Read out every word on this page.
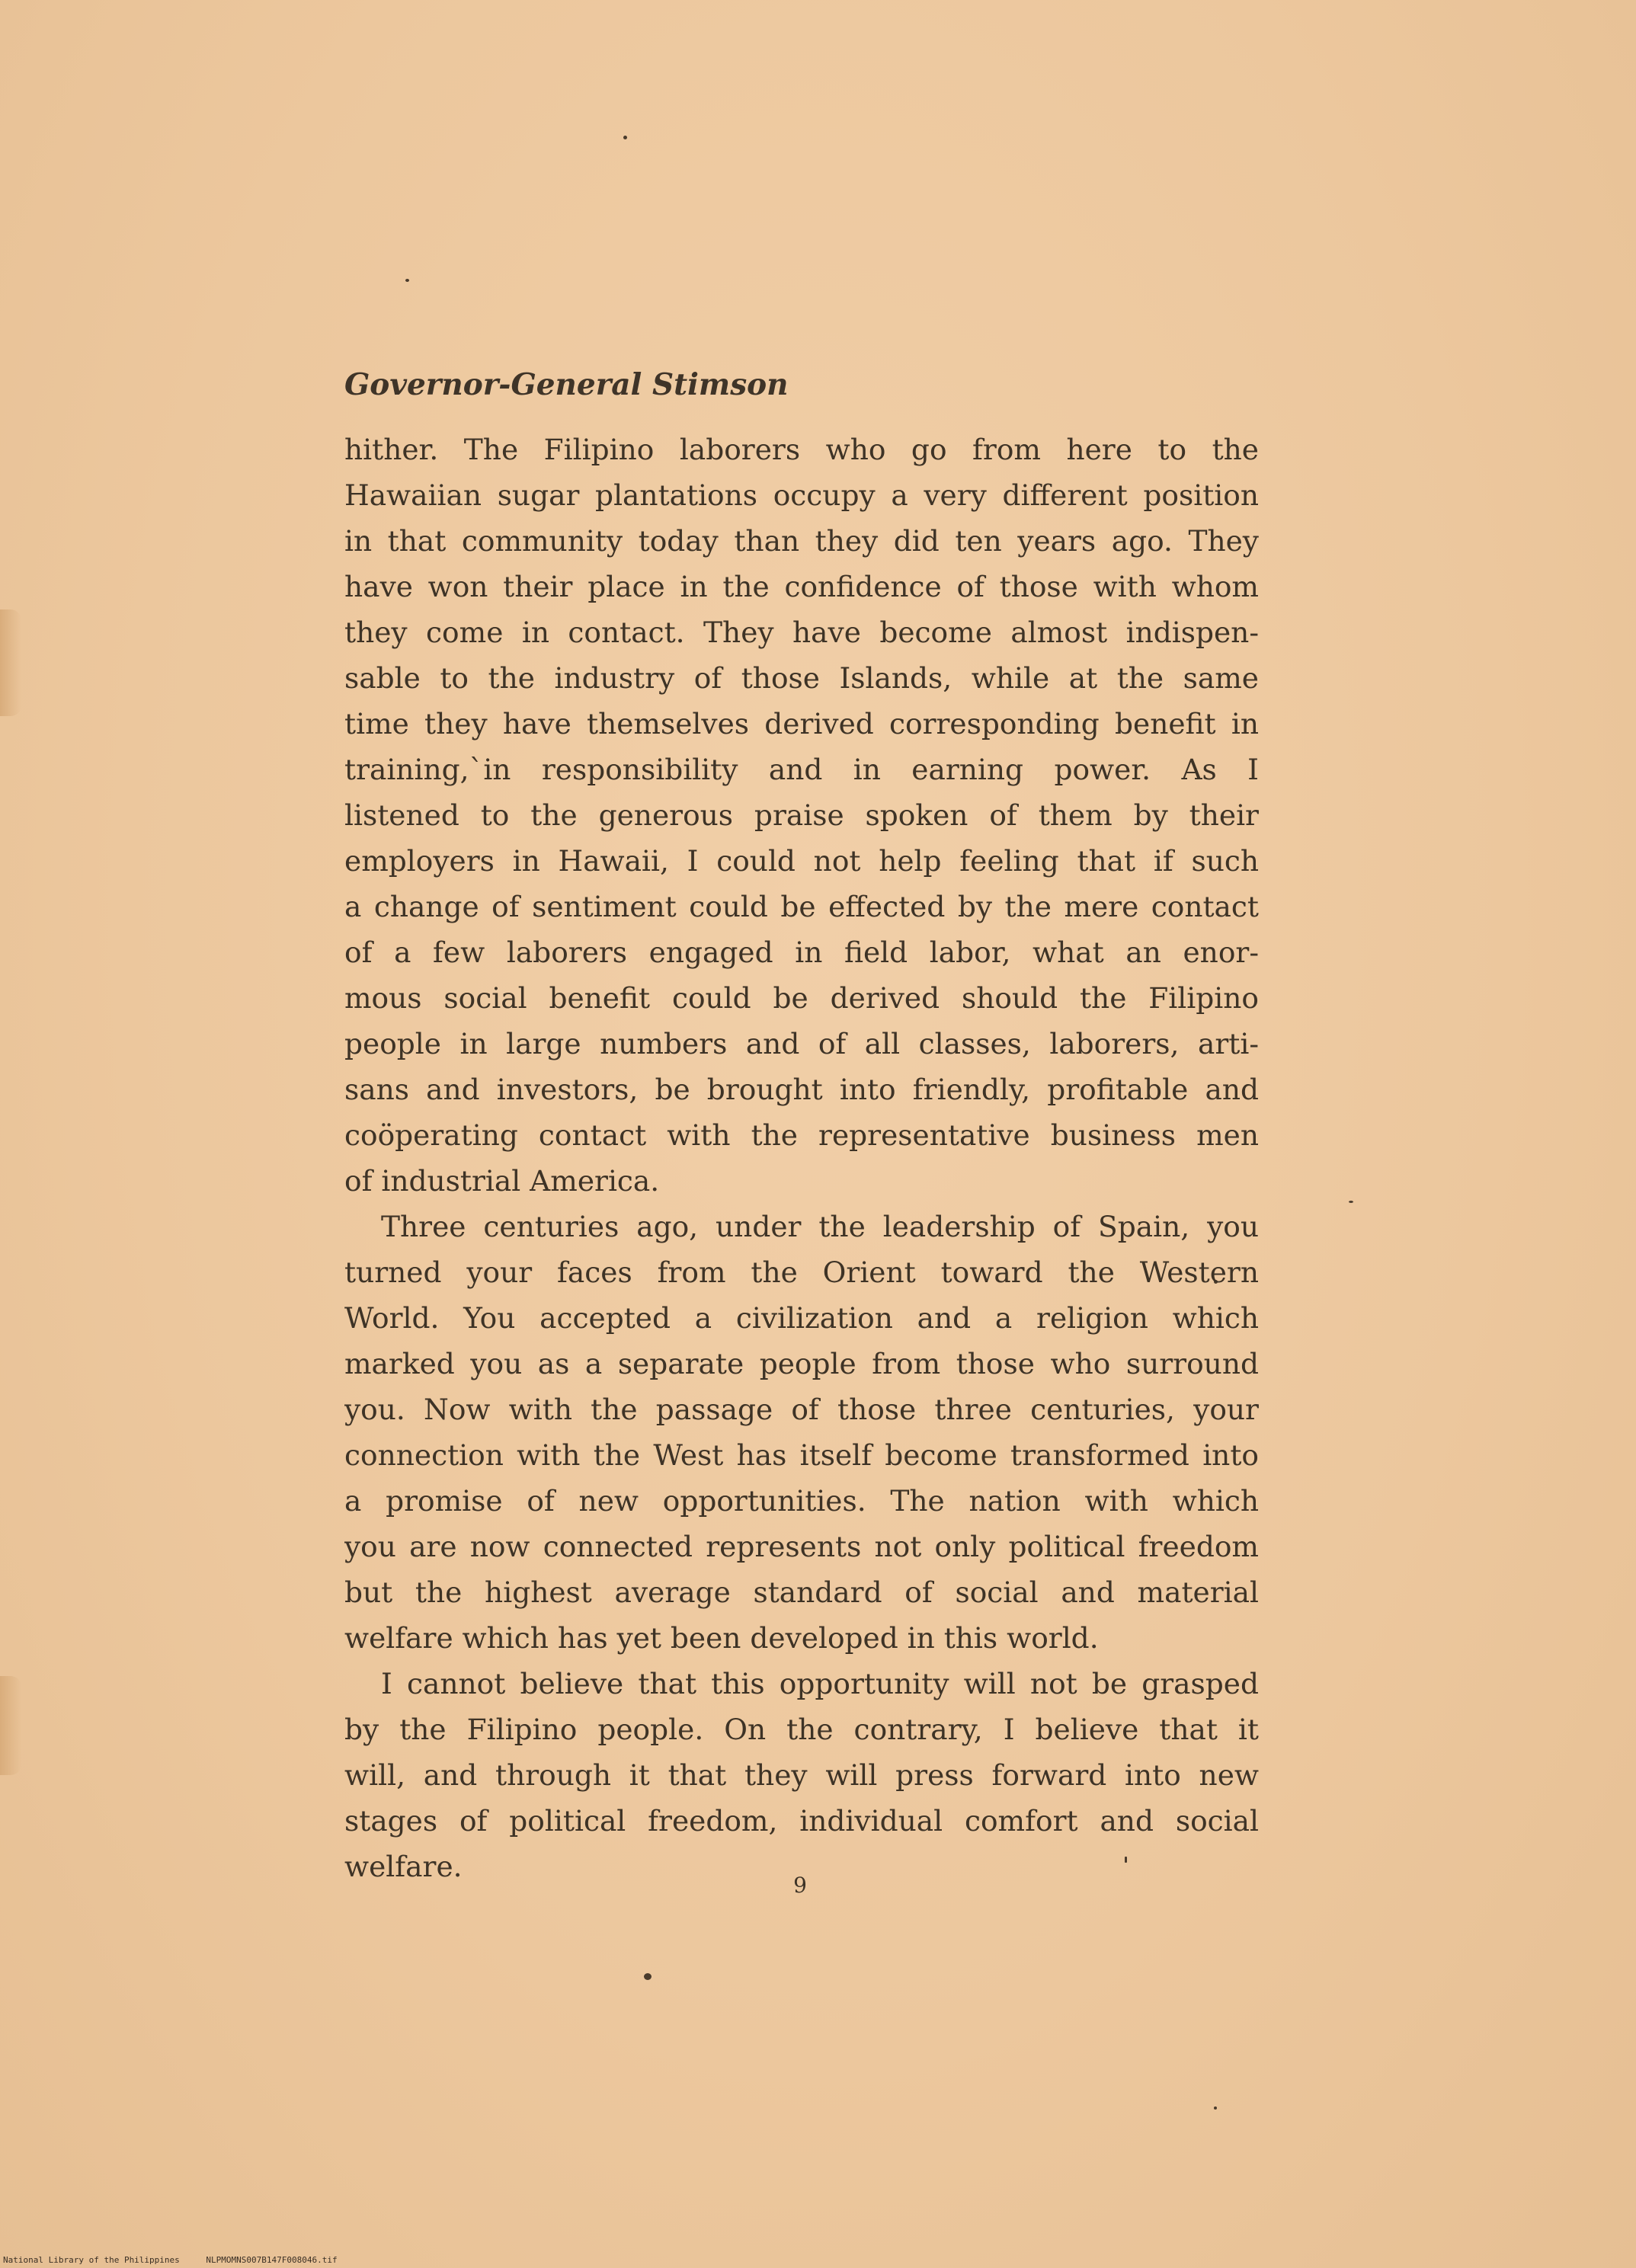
Governor-General Stimson
hither. The Filipino laborers who go from here to the
Hawaiian sugar plantations occupy a very different position
in that community today than they did ten years ago. They
have won their place in the confidence of those with whom
they come in contact. They have become almost indispen-
sable to the industry of those Islands, while at the same
time they have themselves derived corresponding benefit in
training,`in responsibility and in earning power. As I
listened to the generous praise spoken of them by their
employers in Hawaii, I could not help feeling that if such
a change of sentiment could be effected by the mere contact
of a few laborers engaged in field labor, what an enor-
mous social benefit could be derived should the Filipino
people in large numbers and of all classes, laborers, arti-
sans and investors, be brought into friendly, profitable and
coöperating contact with the representative business men
of industrial America.
Three centuries ago, under the leadership of Spain, you
turned your faces from the Orient toward the Western
World. You accepted a civilization and a religion which
marked you as a separate people from those who surround
you. Now with the passage of those three centuries, your
connection with the West has itself become transformed into
a promise of new opportunities. The nation with which
you are now connected represents not only political freedom
but the highest average standard of social and material
welfare which has yet been developed in this world.
I cannot believe that this opportunity will not be grasped
by the Filipino people. On the contrary, I believe that it
will, and through it that they will press forward into new
stages of political freedom, individual comfort and social
welfare.

9

National Library of the Philippines	NLPMOMNS007B147F008046.tif
